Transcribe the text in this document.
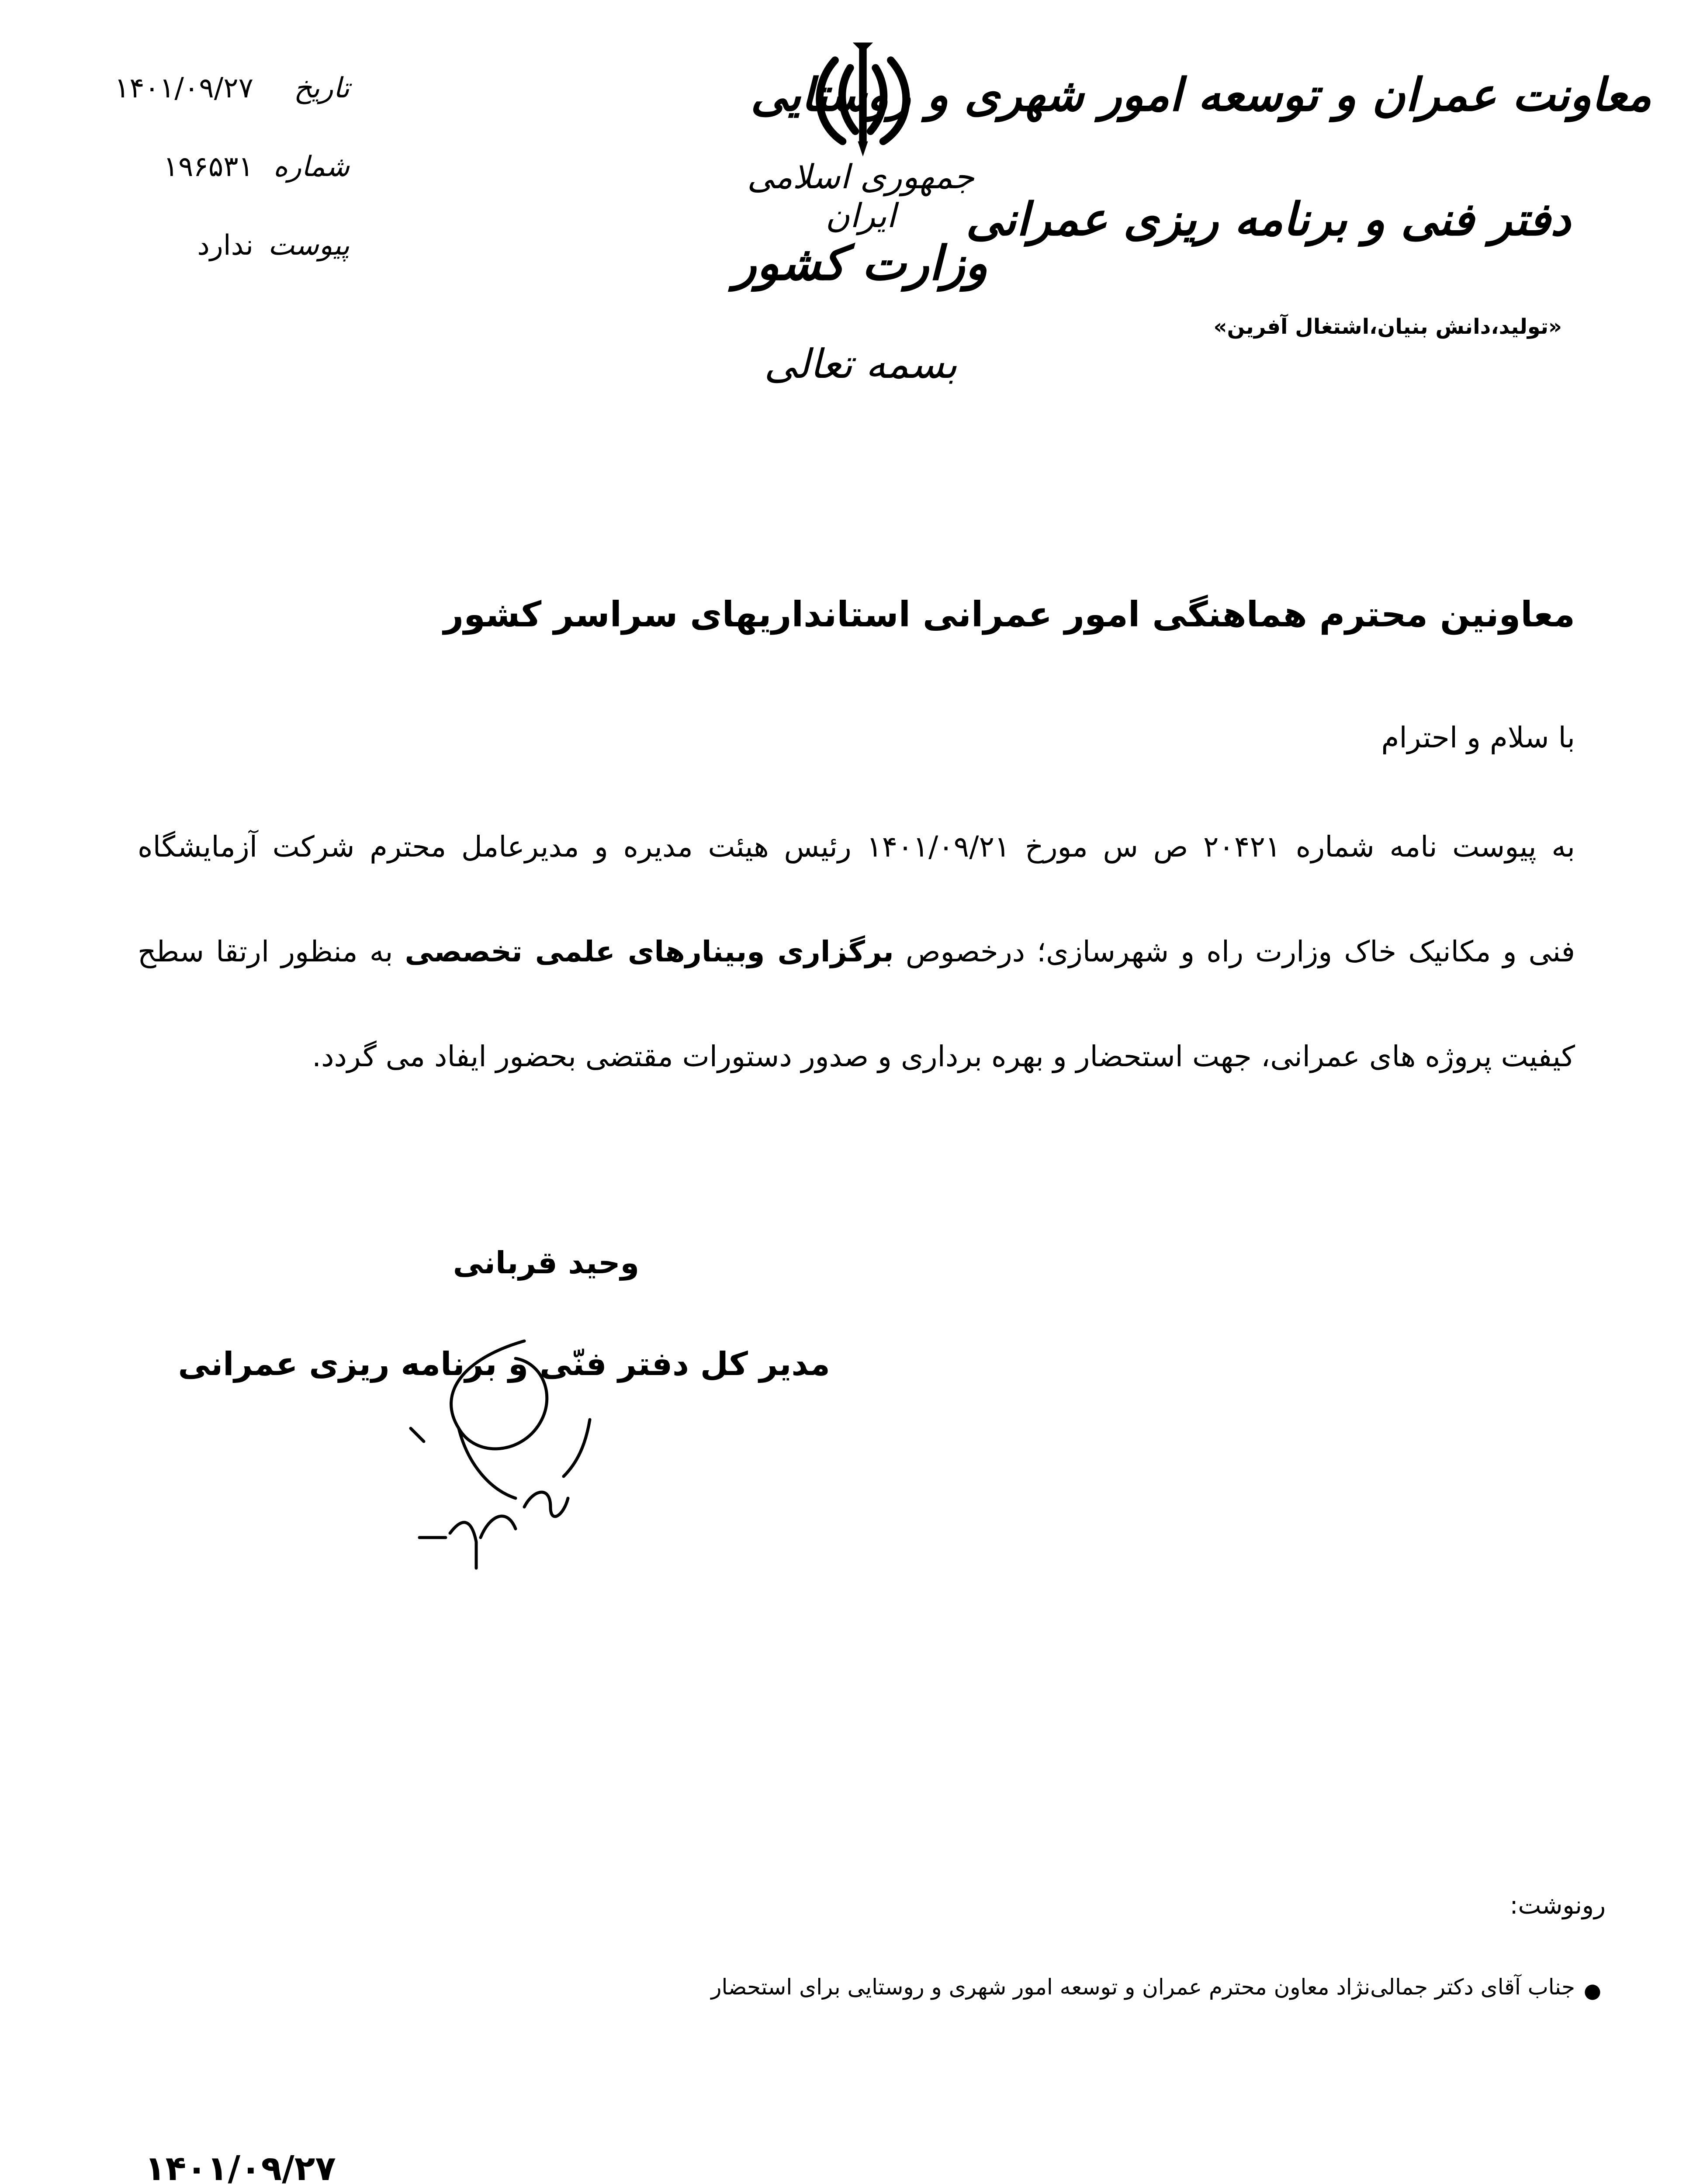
معاونت عمران و توسعه امور شهری و روستایی
دفتر فنی و برنامه ریزی عمرانی
«تولید،دانش بنیان،اشتغال آفرین»
جمهوری اسلامی ایران
وزارت کشور
بسمه تعالی
تاریخ
۱۴۰۱/۰۹/۲۷
شماره
۱۹۶۵۳۱
پیوست
ندارد
معاونین محترم هماهنگی امور عمرانی استانداریهای سراسر کشور
با سلام و احترام
به پیوست نامه شماره ۲۰۴۲۱ ص س مورخ ۱۴۰۱/۰۹/۲۱ رئیس هیئت مدیره و مدیرعامل محترم شرکت آزمایشگاه
فنی و مکانیک خاک وزارت راه و شهرسازی؛ درخصوص برگزاری وبینارهای علمی تخصصی به منظور ارتقا سطح
کیفیت پروژه های عمرانی، جهت استحضار و بهره برداری و صدور دستورات مقتضی بحضور ایفاد می گردد.
وحید قربانی
مدیر کل دفتر فنّی و برنامه ریزی عمرانی
رونوشت:
●
جناب آقای دکتر جمالی‌نژاد معاون محترم عمران و توسعه امور شهری و روستایی برای استحضار
۱۴۰۱/۰۹/۲۷
